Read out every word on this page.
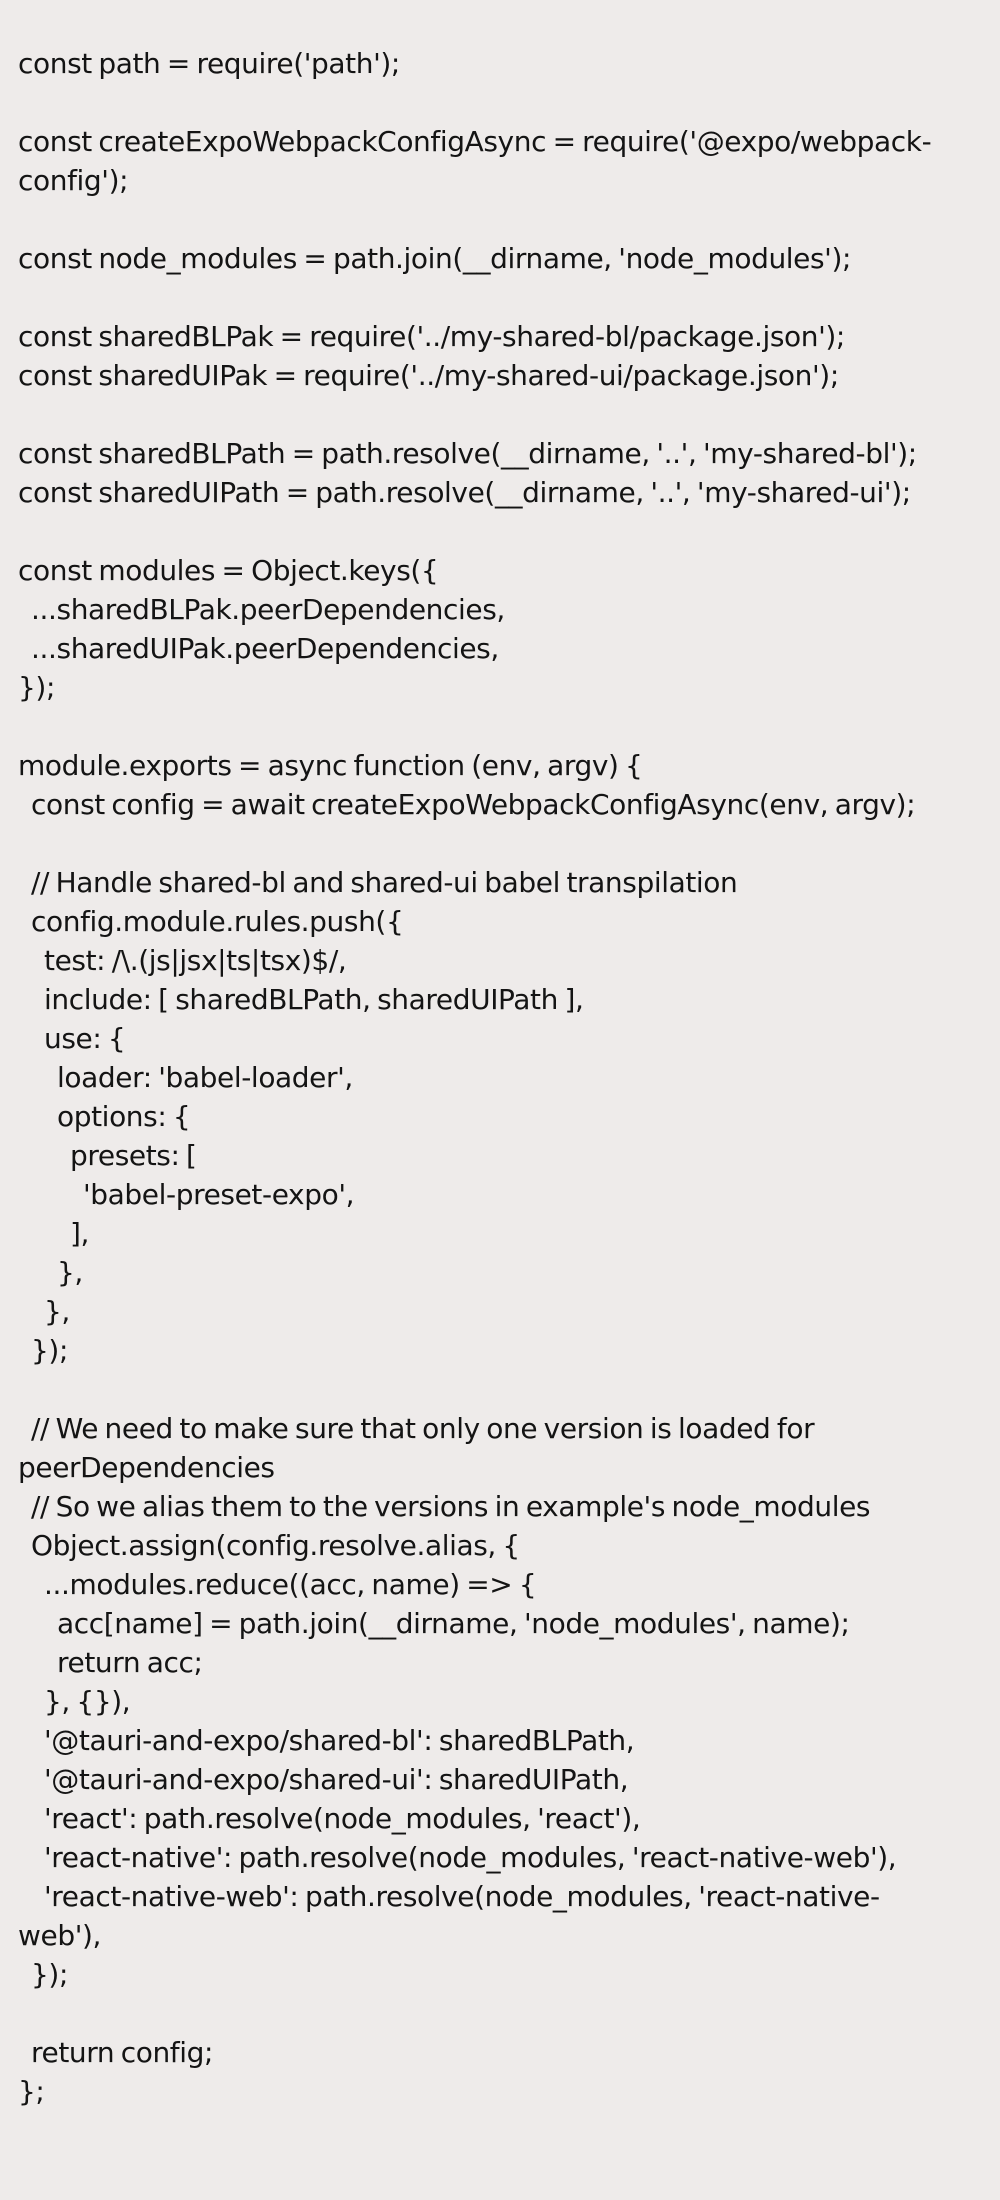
const path = require('path');
const createExpoWebpackConfigAsync = require('@expo/webpack-
config');
const node_modules = path.join(__dirname, 'node_modules');
const sharedBLPak = require('../my-shared-bl/package.json');
const sharedUIPak = require('../my-shared-ui/package.json');
const sharedBLPath = path.resolve(__dirname, '..', 'my-shared-bl');
const sharedUIPath = path.resolve(__dirname, '..', 'my-shared-ui');
const modules = Object.keys({
...sharedBLPak.peerDependencies,
...sharedUIPak.peerDependencies,
});
module.exports = async function (env, argv) {
const config = await createExpoWebpackConfigAsync(env, argv);
// Handle shared-bl and shared-ui babel transpilation
config.module.rules.push({
test: /\.(js|jsx|ts|tsx)$/,
include: [ sharedBLPath, sharedUIPath ],
use: {
loader: 'babel-loader',
options: {
presets: [
'babel-preset-expo',
],
},
},
});
// We need to make sure that only one version is loaded for
peerDependencies
// So we alias them to the versions in example's node_modules
Object.assign(config.resolve.alias, {
...modules.reduce((acc, name) => {
acc[name] = path.join(__dirname, 'node_modules', name);
return acc;
}, {}),
'@tauri-and-expo/shared-bl': sharedBLPath,
'@tauri-and-expo/shared-ui': sharedUIPath,
'react': path.resolve(node_modules, 'react'),
'react-native': path.resolve(node_modules, 'react-native-web'),
'react-native-web': path.resolve(node_modules, 'react-native-
web'),
});
return config;
};
